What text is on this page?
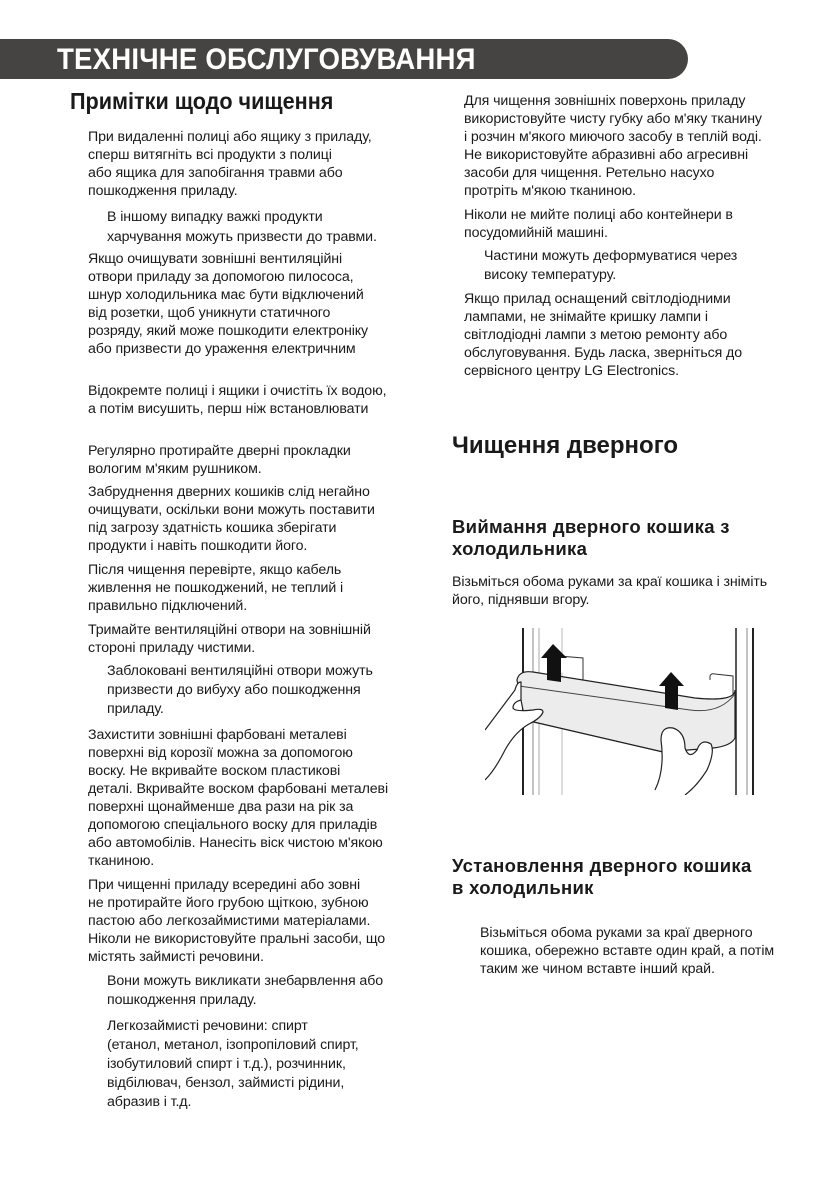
ТЕХНІЧНЕ ОБСЛУГОВУВАННЯ
Примітки щодо чищення
При видаленні полиці або ящику з приладу,
сперш витягніть всі продукти з полиці
або ящика для запобігання травми або
пошкодження приладу.
В іншому випадку важкі продукти
харчування можуть призвести до травми.
Якщо очищувати зовнішні вентиляційні
отвори приладу за допомогою пилососа,
шнур холодильника має бути відключений
від розетки, щоб уникнути статичного
розряду, який може пошкодити електроніку
або призвести до ураження електричним
Відокремте полиці і ящики і очистіть їх водою,
а потім висушить, перш ніж встановлювати
Регулярно протирайте дверні прокладки
вологим м'яким рушником.
Забруднення дверних кошиків слід негайно
очищувати, оскільки вони можуть поставити
під загрозу здатність кошика зберігати
продукти і навіть пошкодити його.
Після чищення перевірте, якщо кабель
живлення не пошкоджений, не теплий і
правильно підключений.
Тримайте вентиляційні отвори на зовнішній
стороні приладу чистими.
Заблоковані вентиляційні отвори можуть
призвести до вибуху або пошкодження
приладу.
Захистити зовнішні фарбовані металеві
поверхні від корозії можна за допомогою
воску. Не вкривайте воском пластикові
деталі. Вкривайте воском фарбовані металеві
поверхні щонайменше два рази на рік за
допомогою спеціального воску для приладів
або автомобілів. Нанесіть віск чистою м'якою
тканиною.
При чищенні приладу всередині або зовні
не протирайте його грубою щіткою, зубною
пастою або легкозаймистими матеріалами.
Ніколи не використовуйте пральні засоби, що
містять займисті речовини.
Вони можуть викликати знебарвлення або
пошкодження приладу.
Легкозаймисті речовини: спирт
(етанол, метанол, ізопропіловий спирт,
ізобутиловий спирт і т.д.), розчинник,
відбілювач, бензол, займисті рідини,
абразив і т.д.
Для чищення зовнішніх поверхонь приладу
використовуйте чисту губку або м'яку тканину
і розчин м'якого миючого засобу в теплій воді.
Не використовуйте абразивні або агресивні
засоби для чищення. Ретельно насухо
протріть м'якою тканиною.
Ніколи не мийте полиці або контейнери в
посудомийній машині.
Частини можуть деформуватися через
високу температуру.
Якщо прилад оснащений світлодіодними
лампами, не знімайте кришку лампи і
світлодіодні лампи з метою ремонту або
обслуговування. Будь ласка, зверніться до
сервісного центру LG Electronics.
Чищення дверного
Виймання дверного кошика з
холодильника
Візьміться обома руками за краї кошика і зніміть
його, піднявши вгору.
Установлення дверного кошика
в холодильник
Візьміться обома руками за краї дверного
кошика, обережно вставте один край, а потім
таким же чином вставте інший край.
